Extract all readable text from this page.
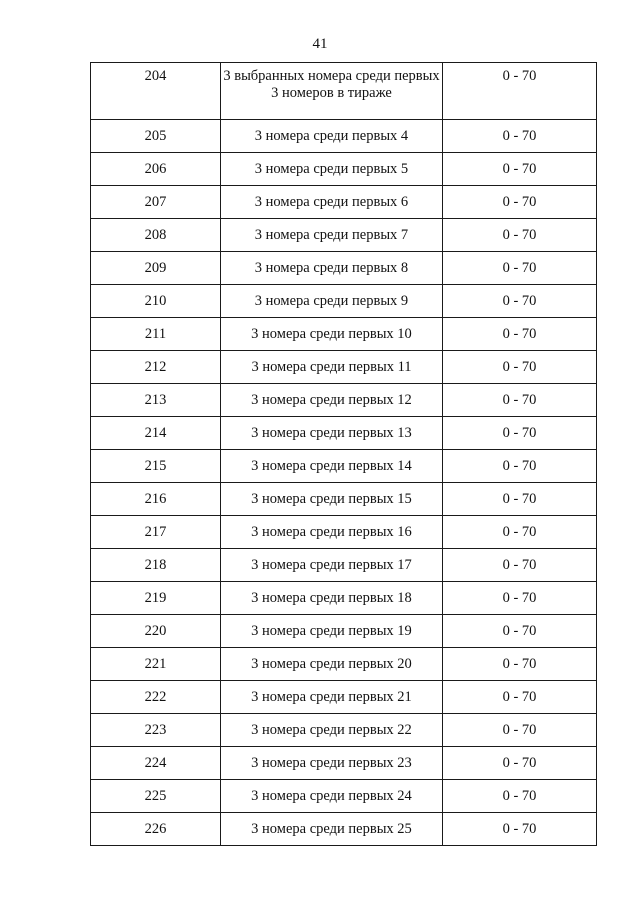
41
204	3 выбранных номера среди первых 3 номеров в тираже	0 - 70
205	3 номера среди первых 4	0 - 70
206	3 номера среди первых 5	0 - 70
207	3 номера среди первых 6	0 - 70
208	3 номера среди первых 7	0 - 70
209	3 номера среди первых 8	0 - 70
210	3 номера среди первых 9	0 - 70
211	3 номера среди первых 10	0 - 70
212	3 номера среди первых 11	0 - 70
213	3 номера среди первых 12	0 - 70
214	3 номера среди первых 13	0 - 70
215	3 номера среди первых 14	0 - 70
216	3 номера среди первых 15	0 - 70
217	3 номера среди первых 16	0 - 70
218	3 номера среди первых 17	0 - 70
219	3 номера среди первых 18	0 - 70
220	3 номера среди первых 19	0 - 70
221	3 номера среди первых 20	0 - 70
222	3 номера среди первых 21	0 - 70
223	3 номера среди первых 22	0 - 70
224	3 номера среди первых 23	0 - 70
225	3 номера среди первых 24	0 - 70
226	3 номера среди первых 25	0 - 70
